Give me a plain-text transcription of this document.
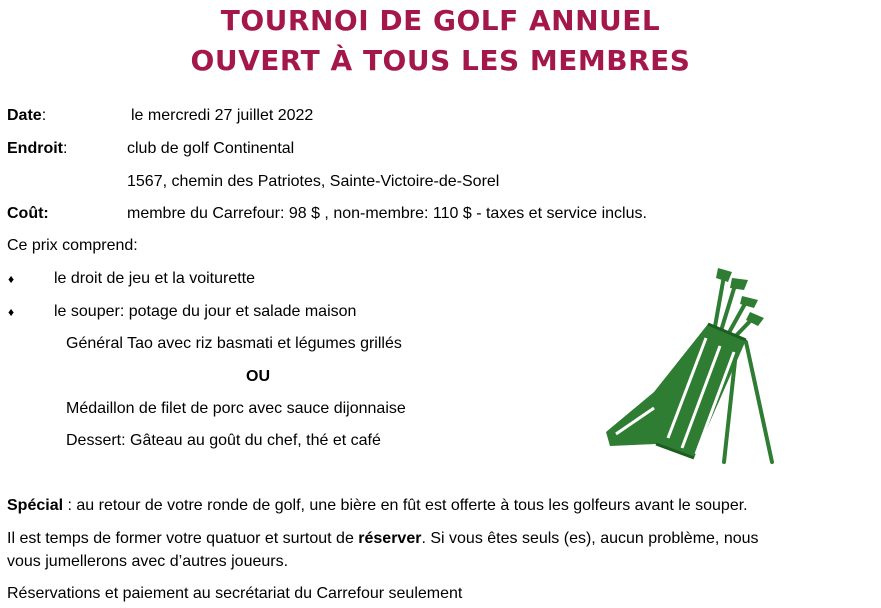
TOURNOI DE GOLF ANNUEL
OUVERT À TOUS LES MEMBRES
Date:	le mercredi 27 juillet 2022
Endroit:	club de golf Continental
1567, chemin des Patriotes, Sainte-Victoire-de-Sorel
Coût:	membre du Carrefour: 98 $ , non-membre: 110 $ - taxes et service inclus.
Ce prix comprend:
♦ le droit de jeu et la voiturette
♦ le souper: potage du jour et salade maison
Général Tao avec riz basmati et légumes grillés
OU
Médaillon de filet de porc avec sauce dijonnaise
Dessert: Gâteau au goût du chef, thé et café
Spécial : au retour de votre ronde de golf, une bière en fût est offerte à tous les golfeurs avant le souper.
Il est temps de former votre quatuor et surtout de réserver. Si vous êtes seuls (es), aucun problème, nous
vous jumellerons avec d’autres joueurs.
Réservations et paiement au secrétariat du Carrefour seulement
